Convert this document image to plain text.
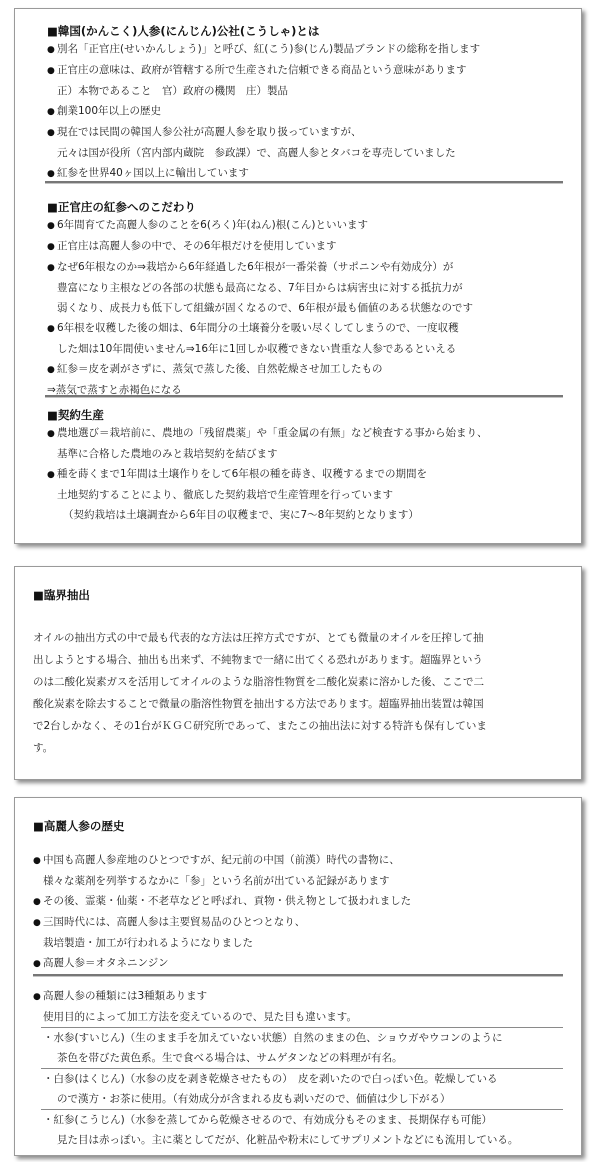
■韓国(かんこく)人参(にんじん)公社(こうしゃ)とは

● 別名「正官庄(せいかんしょう)」と呼び、紅(こう)参(じん)製品ブランドの総称を指します
● 正官庄の意味は、政府が管轄する所で生産された信頼できる商品という意味があります
正）本物であること　官）政府の機関　庄）製品
● 創業100年以上の歴史
● 現在では民間の韓国人参公社が高麗人参を取り扱っていますが、
元々は国が役所（宮内部内蔵院　参政課）で、高麗人参とタバコを専売していました
● 紅参を世界40ヶ国以上に輸出しています

■正官庄の紅参へのこだわり

● 6年間育てた高麗人参のことを6(ろく)年(ねん)根(こん)といいます
● 正官庄は高麗人参の中で、その6年根だけを使用しています
● なぜ6年根なのか⇒栽培から6年経過した6年根が一番栄養（サポニンや有効成分）が
豊富になり主根などの各部の状態も最高になる、7年目からは病害虫に対する抵抗力が
弱くなり、成長力も低下して組織が固くなるので、6年根が最も価値のある状態なのです
● 6年根を収穫した後の畑は、6年間分の土壌養分を吸い尽くしてしまうので、一度収穫
した畑は10年間使いません⇒16年に1回しか収穫できない貴重な人参であるといえる
● 紅参＝皮を剥がさずに、蒸気で蒸した後、自然乾燥させ加工したもの
⇒蒸気で蒸すと赤褐色になる

■契約生産

● 農地選び＝栽培前に、農地の「残留農薬」や「重金属の有無」など検査する事から始まり、
基準に合格した農地のみと栽培契約を結びます
● 種を蒔くまで1年間は土壌作りをして6年根の種を蒔き、収穫するまでの期間を
土地契約することにより、徹底した契約栽培で生産管理を行っています
（契約栽培は土壌調査から6年目の収穫まで、実に7～8年契約となります）

■臨界抽出

オイルの抽出方式の中で最も代表的な方法は圧搾方式ですが、とても微量のオイルを圧搾して抽
出しようとする場合、抽出も出来ず、不純物まで一緒に出てくる恐れがあります。超臨界という
のは二酸化炭素ガスを活用してオイルのような脂溶性物質を二酸化炭素に溶かした後、ここで二
酸化炭素を除去することで微量の脂溶性物質を抽出する方法であります。超臨界抽出装置は韓国
で2台しかなく、その1台がＫＧＣ研究所であって、またこの抽出法に対する特許も保有していま
す。

■高麗人参の歴史

● 中国も高麗人参産地のひとつですが、紀元前の中国（前漢）時代の書物に、
様々な薬剤を列挙するなかに「参」という名前が出ている記録があります
● その後、霊薬・仙薬・不老草などと呼ばれ、貢物・供え物として扱われました
● 三国時代には、高麗人参は主要貿易品のひとつとなり、
栽培製造・加工が行われるようになりました
● 高麗人参＝オタネニンジン
● 高麗人参の種類には3種類あります
使用目的によって加工方法を変えているので、見た目も違います。
・水参(すいじん)（生のまま手を加えていない状態）自然のままの色、ショウガやウコンのように
茶色を帯びた黄色系。生で食べる場合は、サムゲタンなどの料理が有名。
・白参(はくじん)（水参の皮を剥き乾燥させたもの）　皮を剥いたので白っぽい色。乾燥している
ので漢方・お茶に使用。（有効成分が含まれる皮も剥いだので、価値は少し下がる）
・紅参(こうじん)（水参を蒸してから乾燥させるので、有効成分もそのまま、長期保存も可能）
見た目は赤っぽい。主に薬としてだが、化粧品や粉末にしてサプリメントなどにも流用している。
